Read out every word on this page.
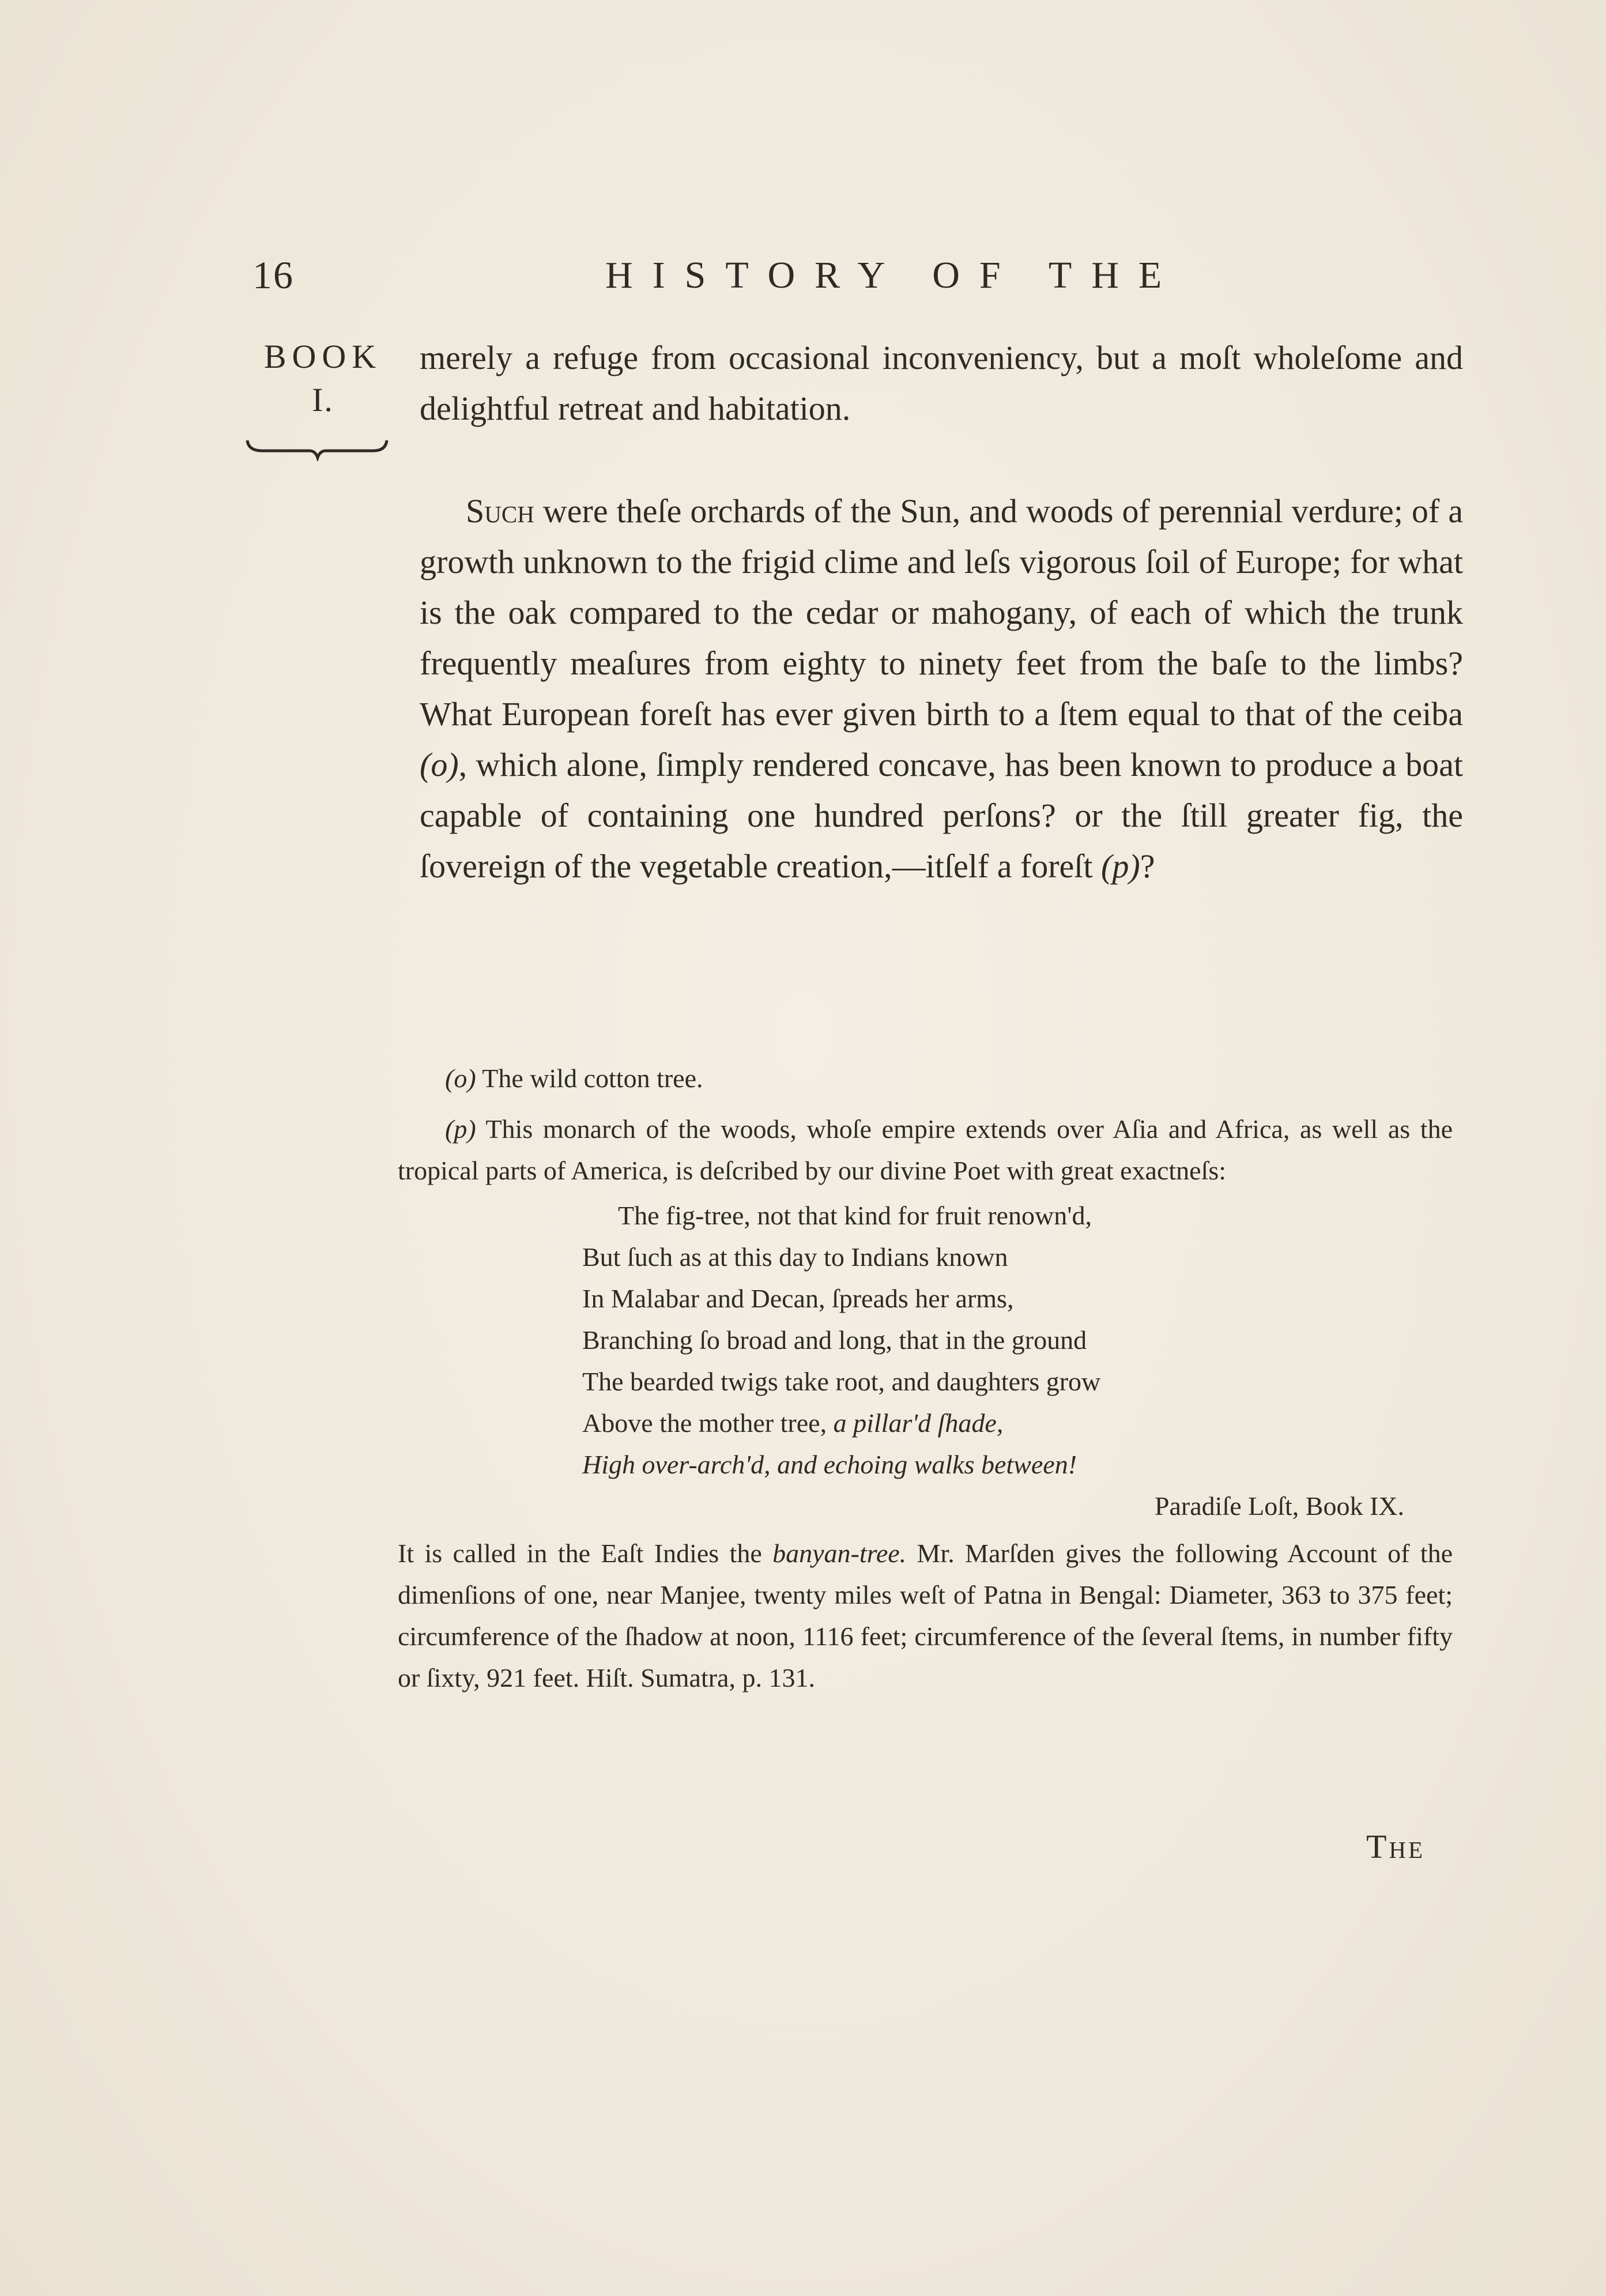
16	HISTORY OF THE
BOOK
I.

merely a refuge from occasional inconveniency, but a moſt wholeſome and delightful retreat and habitation.

Such were theſe orchards of the Sun, and woods of perennial verdure; of a growth unknown to the frigid clime and leſs vigorous ſoil of Europe; for what is the oak compared to the cedar or mahogany, of each of which the trunk frequently meaſures from eighty to ninety feet from the baſe to the limbs? What European foreſt has ever given birth to a ſtem equal to that of the ceiba (o), which alone, ſimply rendered concave, has been known to produce a boat capable of containing one hundred perſons? or the ſtill greater fig, the ſovereign of the vegetable creation,—itſelf a foreſt (p)?

(o) The wild cotton tree.

(p) This monarch of the woods, whoſe empire extends over Aſia and Africa, as well as the tropical parts of America, is deſcribed by our divine Poet with great exactneſs:

The fig-tree, not that kind for fruit renown'd,
But ſuch as at this day to Indians known
In Malabar and Decan, ſpreads her arms,
Branching ſo broad and long, that in the ground
The bearded twigs take root, and daughters grow
Above the mother tree, a pillar'd ſhade,
High over-arch'd, and echoing walks between!

Paradiſe Loſt, Book IX.

It is called in the Eaſt Indies the banyan-tree. Mr. Marſden gives the following Account of the dimenſions of one, near Manjee, twenty miles weſt of Patna in Bengal: Diameter, 363 to 375 feet; circumference of the ſhadow at noon, 1116 feet; circumference of the ſeveral ſtems, in number fifty or ſixty, 921 feet. Hiſt. Sumatra, p. 131.

The
